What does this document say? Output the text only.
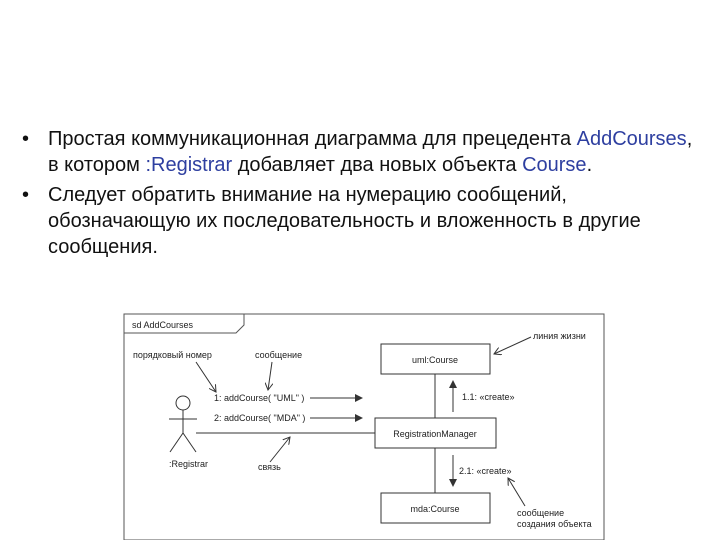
• Простая коммуникационная диаграмма для прецедента AddCourses, в котором :Registrar добавляет два новых объекта Course.
• Следует обратить внимание на нумерацию сообщений, обозначающую их последовательность и вложенность в другие сообщения.
sd AddCourses
:Registrar
uml:Course
RegistrationManager
mda:Course
1: addCourse( "UML" )
2: addCourse( "MDA" )
1.1: «create»
2.1: «create»
порядковый номер	сообщение
линия жизни
связь
сообщение
создания объекта
